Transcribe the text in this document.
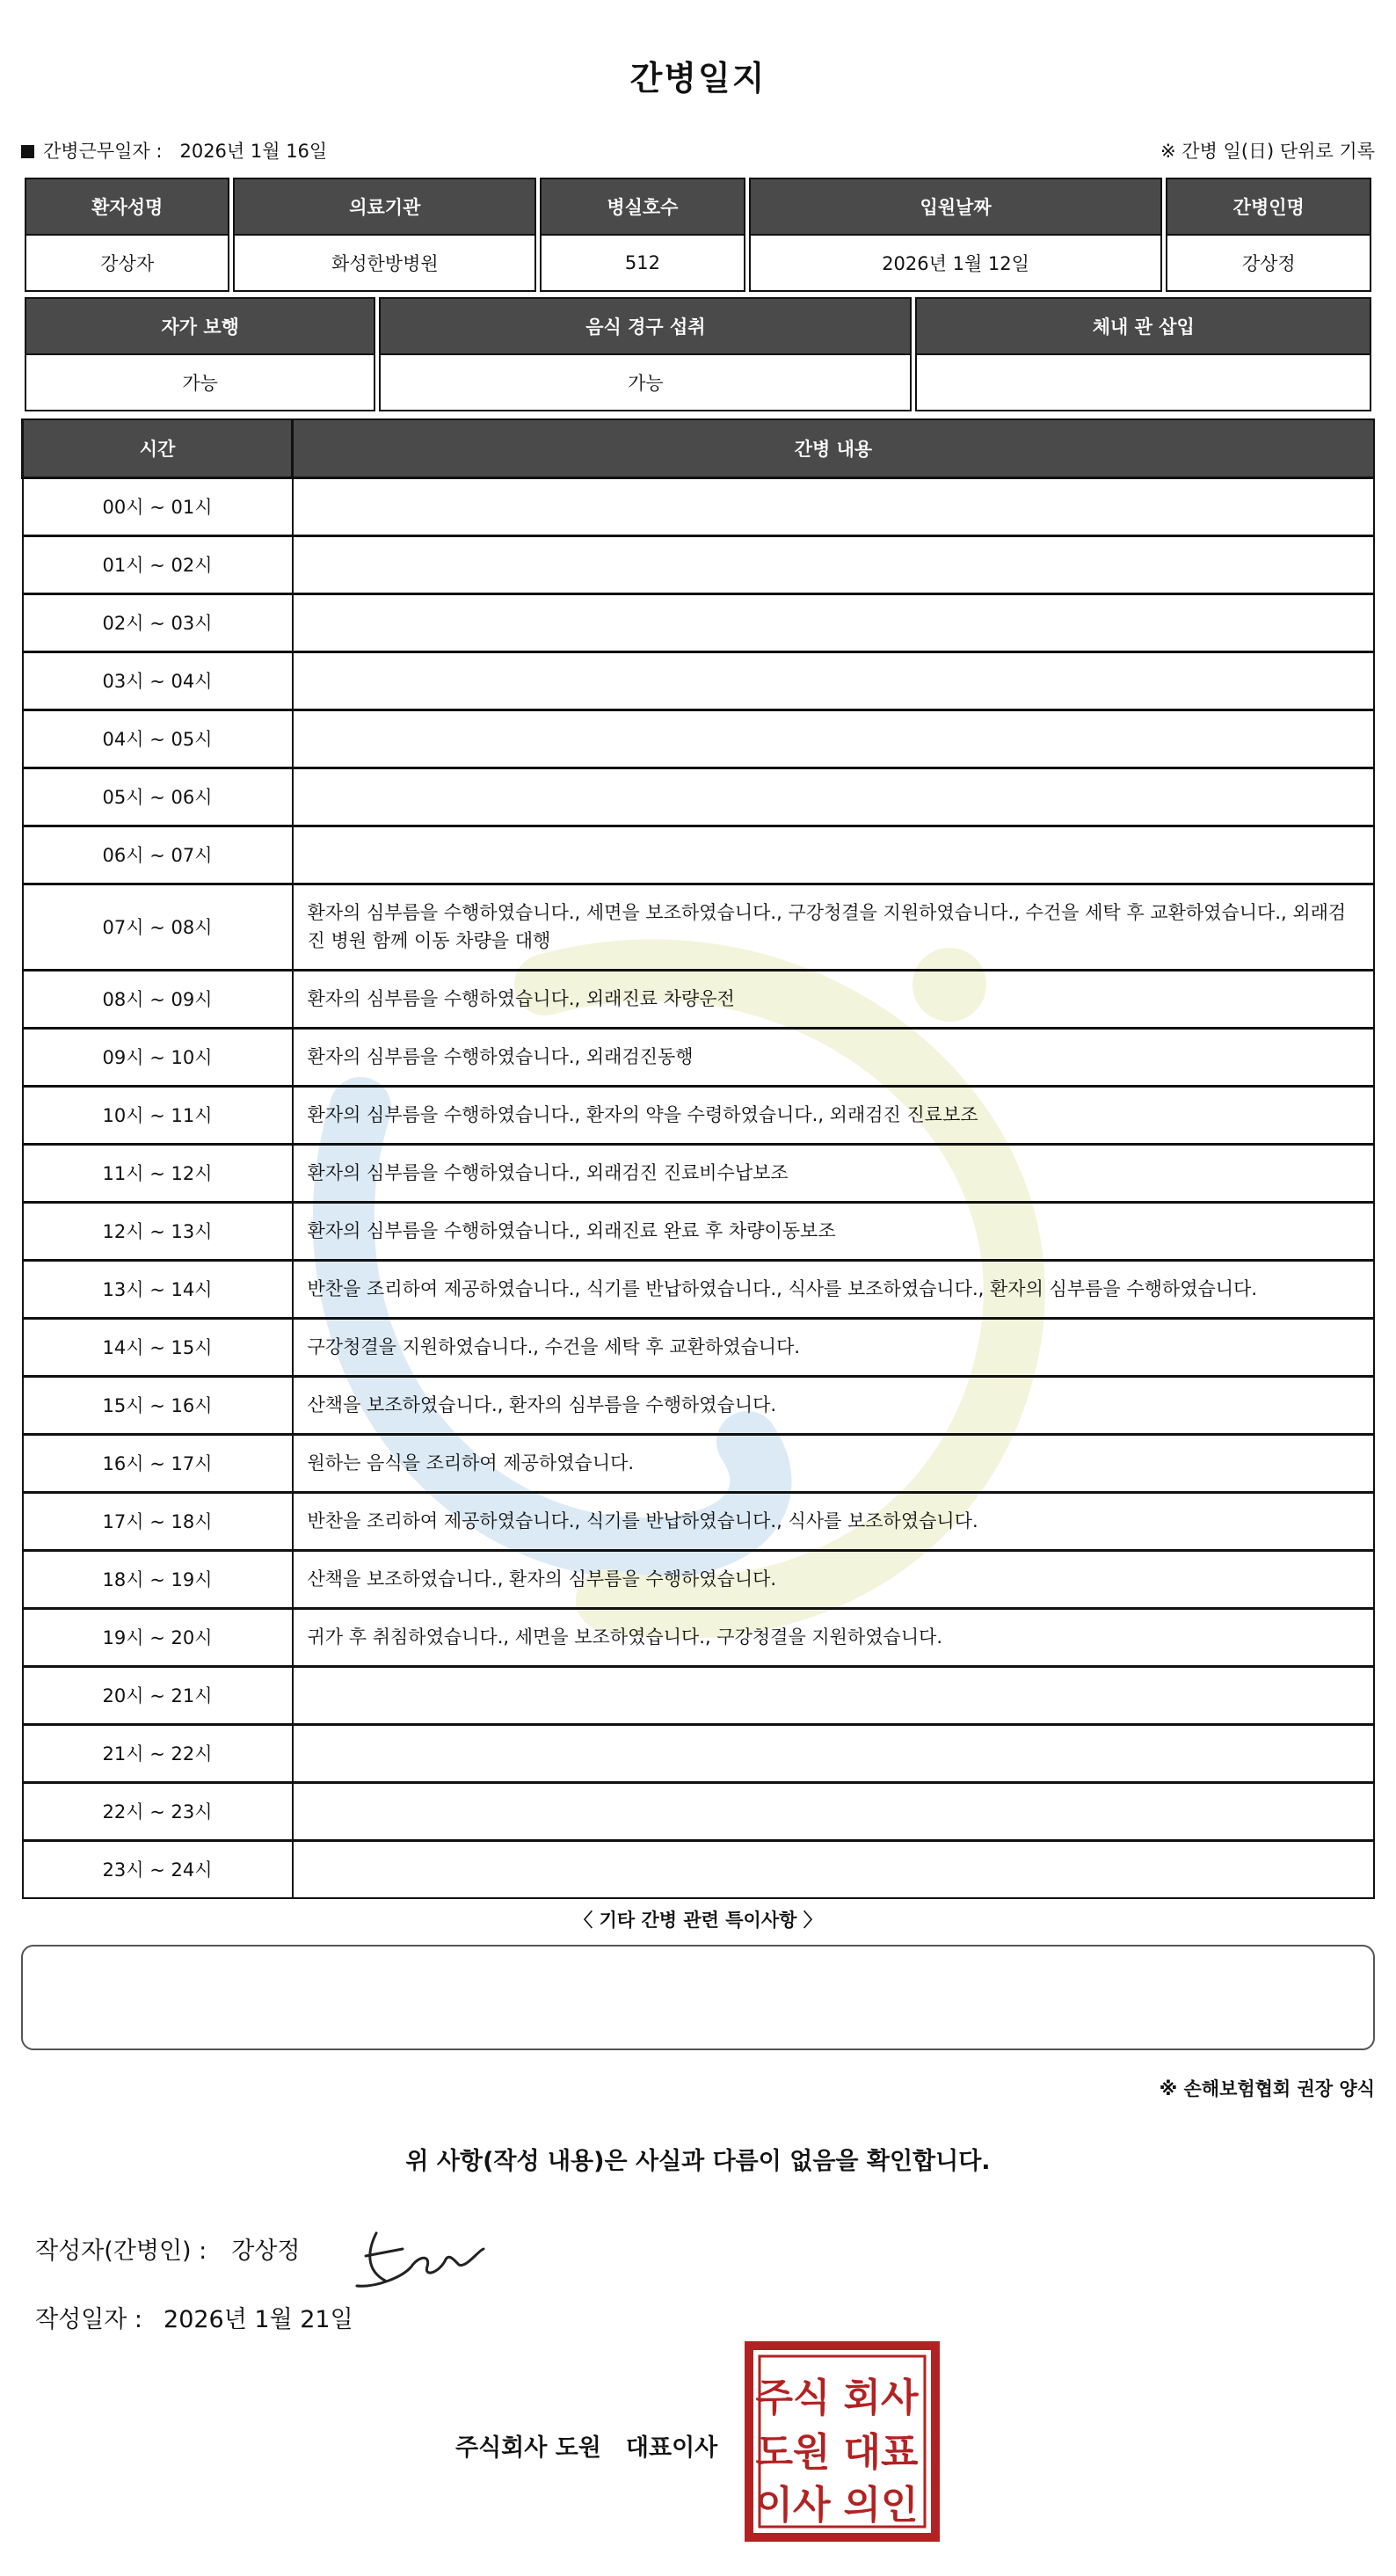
간병일지
간병근무일자 : 2026년 1월 16일	※ 간병 일(日) 단위로 기록
환자성명	의료기관	병실호수	입원날짜	간병인명
강상자	화성한방병원	512	2026년 1월 12일	강상정
자가 보행	음식 경구 섭취	체내 관 삽입
가능	가능	
시간	간병 내용
00시 ~ 01시	
01시 ~ 02시	
02시 ~ 03시	
03시 ~ 04시	
04시 ~ 05시	
05시 ~ 06시	
06시 ~ 07시	
07시 ~ 08시	환자의 심부름을 수행하였습니다., 세면을 보조하였습니다., 구강청결을 지원하였습니다., 수건을 세탁 후 교환하였습니다., 외래검진 병원 함께 이동 차량을 대행
08시 ~ 09시	환자의 심부름을 수행하였습니다., 외래진료 차량운전
09시 ~ 10시	환자의 심부름을 수행하였습니다., 외래검진동행
10시 ~ 11시	환자의 심부름을 수행하였습니다., 환자의 약을 수령하였습니다., 외래검진 진료보조
11시 ~ 12시	환자의 심부름을 수행하였습니다., 외래검진 진료비수납보조
12시 ~ 13시	환자의 심부름을 수행하였습니다., 외래진료 완료 후 차량이동보조
13시 ~ 14시	반찬을 조리하여 제공하였습니다., 식기를 반납하였습니다., 식사를 보조하였습니다., 환자의 심부름을 수행하였습니다.
14시 ~ 15시	구강청결을 지원하였습니다., 수건을 세탁 후 교환하였습니다.
15시 ~ 16시	산책을 보조하였습니다., 환자의 심부름을 수행하였습니다.
16시 ~ 17시	원하는 음식을 조리하여 제공하였습니다.
17시 ~ 18시	반찬을 조리하여 제공하였습니다., 식기를 반납하였습니다., 식사를 보조하였습니다.
18시 ~ 19시	산책을 보조하였습니다., 환자의 심부름을 수행하였습니다.
19시 ~ 20시	귀가 후 취침하였습니다., 세면을 보조하였습니다., 구강청결을 지원하였습니다.
20시 ~ 21시	
21시 ~ 22시	
22시 ~ 23시	
23시 ~ 24시	
〈 기타 간병 관련 특이사항 〉
※ 손해보험협회 권장 양식
위 사항(작성 내용)은 사실과 다름이 없음을 확인합니다.
작성자(간병인) : 강상정
작성일자 : 2026년 1월 21일
주식회사 도원 대표이사
주식 회사
도원 대표
이사 의인
